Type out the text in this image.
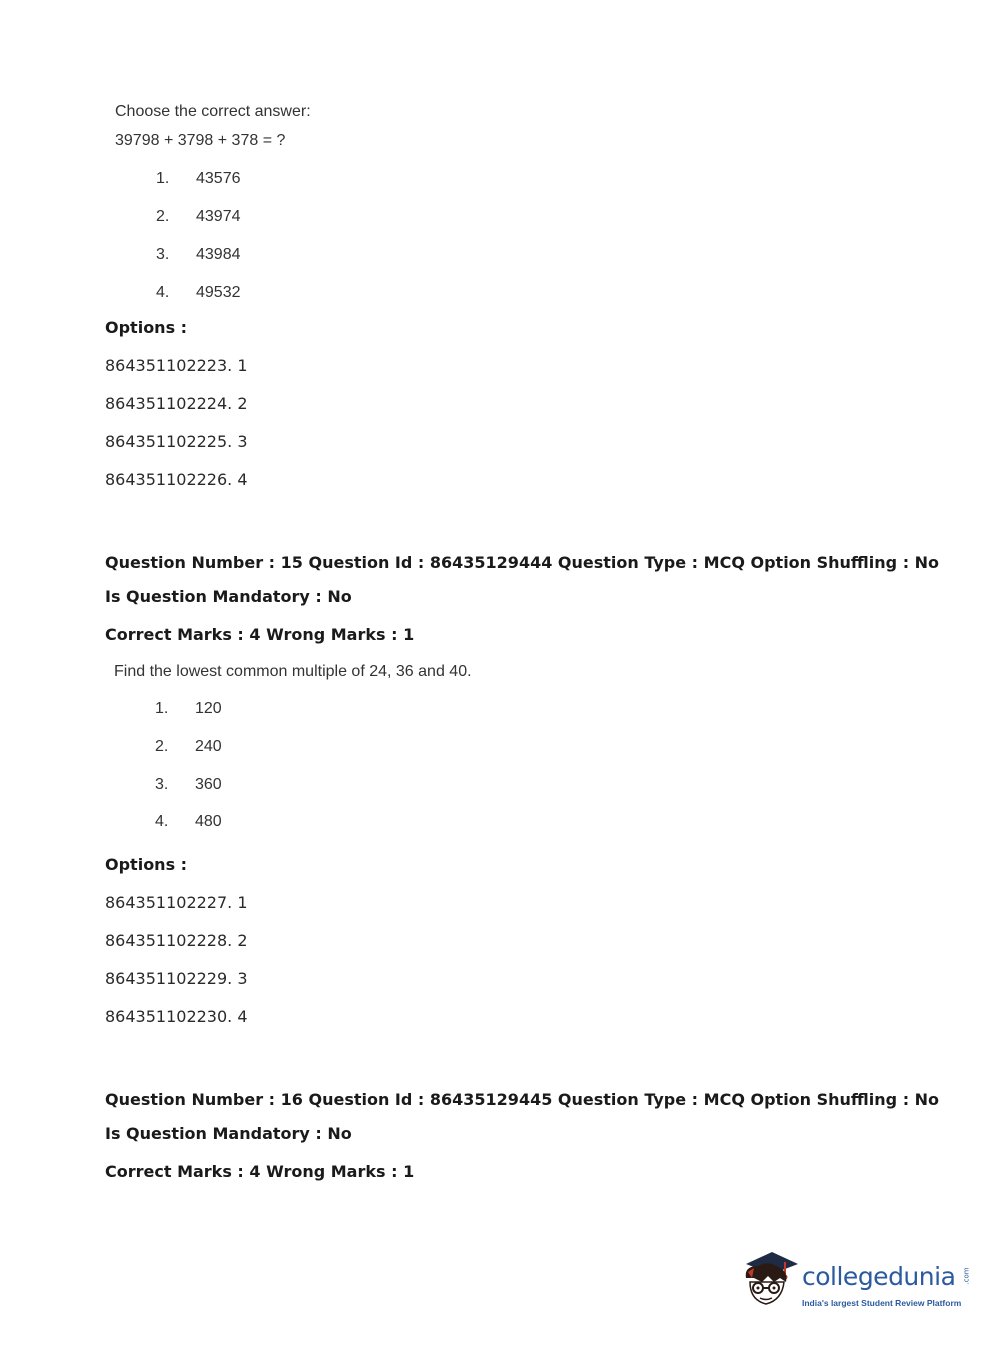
Choose the correct answer:
39798 + 3798 + 378 = ?
1. 43576
2. 43974
3. 43984
4. 49532
Options :
864351102223. 1
864351102224. 2
864351102225. 3
864351102226. 4
Question Number : 15 Question Id : 86435129444 Question Type : MCQ Option Shuffling : No
Is Question Mandatory : No
Correct Marks : 4 Wrong Marks : 1
Find the lowest common multiple of 24, 36 and 40.
1. 120
2. 240
3. 360
4. 480
Options :
864351102227. 1
864351102228. 2
864351102229. 3
864351102230. 4
Question Number : 16 Question Id : 86435129445 Question Type : MCQ Option Shuffling : No
Is Question Mandatory : No
Correct Marks : 4 Wrong Marks : 1
collegedunia .com
India's largest Student Review Platform
